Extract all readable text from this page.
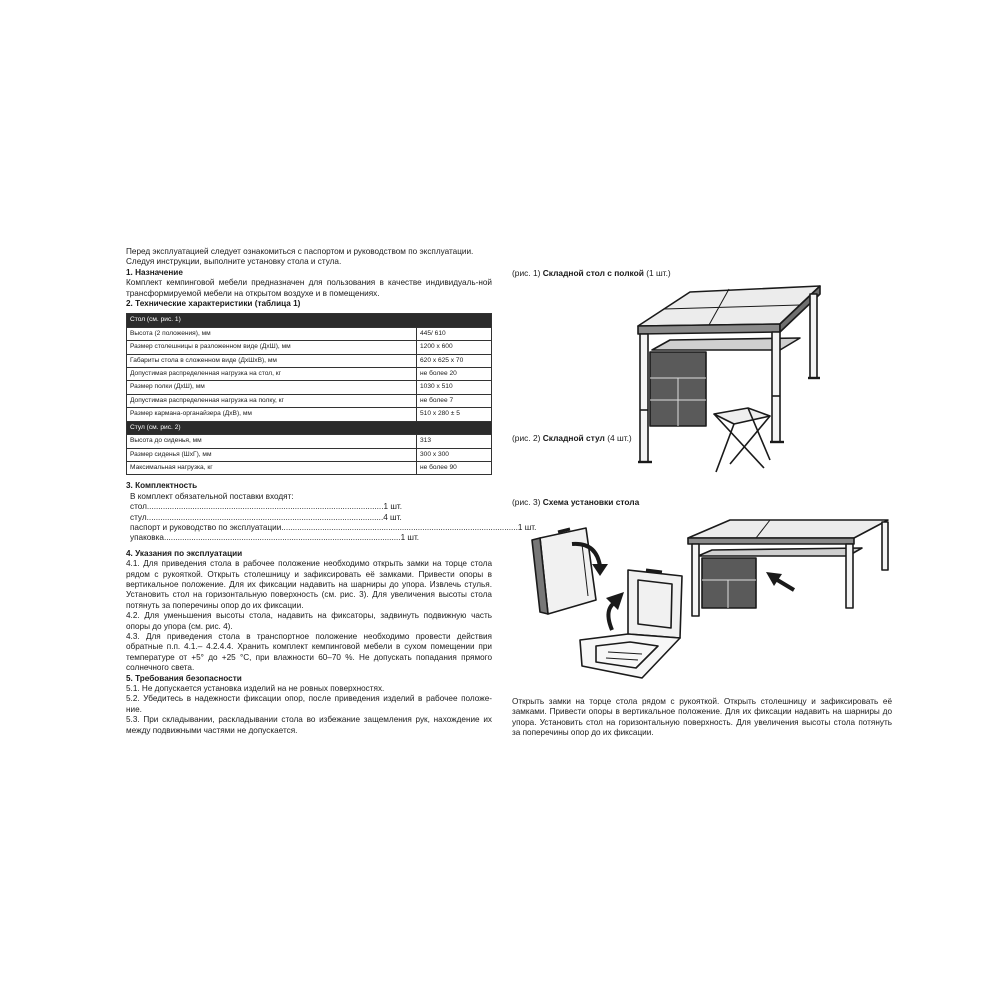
Перед эксплуатацией следует ознакомиться с паспортом и руководством по эксплуатации.

Следуя инструкции, выполните установку стола и стула.

1. Назначение

Комплект кемпинговой мебели предназначен для пользования в качестве индивидуаль-ной трансформируемой мебели на открытом воздухе и в помещениях.

2. Технические характеристики (таблица 1)

Стол (см. рис. 1)	
Высота (2 положения), мм	445/ 610
Размер столешницы в разложенном виде (ДхШ), мм	1200 х 600
Габариты стола в сложенном виде (ДхШхВ), мм	620 х 625 х 70
Допустимая распределенная нагрузка на стол, кг	не более 20
Размер полки (ДхШ), мм	1030 х 510
Допустимая распределенная нагрузка на полку, кг	не более 7
Размер кармана-органайзера (ДхВ), мм	510 х 280 ± 5
Стул (см. рис. 2)	
Высота до сиденья, мм	313
Размер сиденья (ШхГ), мм	300 х 300
Максимальная нагрузка, кг	не более 90

3. Комплектность

В комплект обязательной поставки входят:

стол ........................................................................................................ 1 шт.
стул ........................................................................................................ 4 шт.
паспорт и руководство по эксплуатации ........................................................................................................ 1 шт.
упаковка ........................................................................................................ 1 шт.

4. Указания по эксплуатации

4.1. Для приведения стола в рабочее положение необходимо открыть замки на торце стола рядом с рукояткой. Открыть столешницу и зафиксировать её замками. Привести опоры в вертикальное положение. Для их фиксации надавить на шарниры до упора. Извлечь стулья. Установить стол на горизонтальную поверхность (см. рис. 3). Для увеличения высоты стола потянуть за поперечины опор до их фиксации.

4.2. Для уменьшения высоты стола, надавить на фиксаторы, задвинуть подвижную часть опоры до упора (см. рис. 4).

4.3. Для приведения стола в транспортное положение необходимо провести действия обратные п.п. 4.1.– 4.2.4.4. Хранить комплект кемпинговой мебели в сухом помещении при температуре от +5° до +25 °С, при влажности 60–70 %. Не допускать попадания прямого солнечного света.

5. Требования безопасности

5.1. Не допускается установка изделий на не ровных поверхностях.

5.2. Убедитесь в надежности фиксации опор, после приведения изделий в рабочее положе-ние.

5.3. При складывании, раскладывании стола во избежание защемления рук, нахождение их между подвижными частями не допускается.

(рис. 1) Складной стол с полкой (1 шт.)
(рис. 2) Складной стул (4 шт.)
(рис. 3) Схема установки стола

Открыть замки на торце стола рядом с рукояткой. Открыть столешницу и зафиксировать её замками. Привести опоры в вертикальное положение. Для их фиксации надавить на шарниры до упора. Установить стол на горизонтальную поверхность. Для увеличения высоты стола потянуть за поперечины опор до их фиксации.
